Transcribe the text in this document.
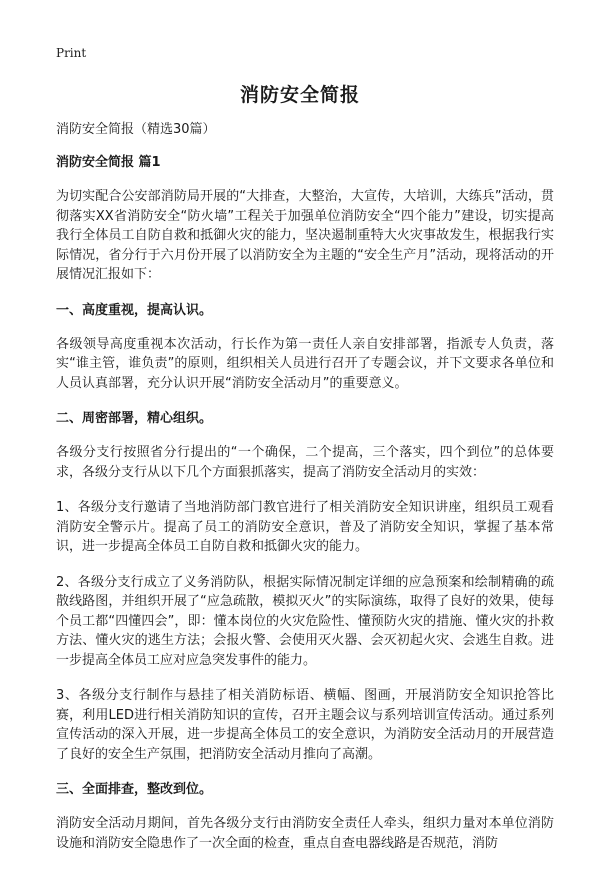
Print
消防安全简报
消防安全简报（精选30篇）
消防安全简报 篇1
为切实配合公安部消防局开展的“大排查，大整治，大宣传，大培训，大练兵”活动，贯彻落实XX省消防安全“防火墙”工程关于加强单位消防安全“四个能力”建设，切实提高我行全体员工自防自救和抵御火灾的能力，坚决遏制重特大火灾事故发生，根据我行实际情况，省分行于六月份开展了以消防安全为主题的“安全生产月”活动，现将活动的开展情况汇报如下：
一、高度重视，提高认识。
各级领导高度重视本次活动，行长作为第一责任人亲自安排部署，指派专人负责，落实“谁主管，谁负责”的原则，组织相关人员进行召开了专题会议，并下文要求各单位和人员认真部署，充分认识开展“消防安全活动月”的重要意义。
二、周密部署，精心组织。
各级分支行按照省分行提出的“一个确保，二个提高，三个落实，四个到位”的总体要求，各级分支行从以下几个方面狠抓落实，提高了消防安全活动月的实效：
1、各级分支行邀请了当地消防部门教官进行了相关消防安全知识讲座，组织员工观看消防安全警示片。提高了员工的消防安全意识，普及了消防安全知识，掌握了基本常识，进一步提高全体员工自防自救和抵御火灾的能力。
2、各级分支行成立了义务消防队，根据实际情况制定详细的应急预案和绘制精确的疏散线路图，并组织开展了“应急疏散，模拟灭火”的实际演练，取得了良好的效果，使每个员工都“四懂四会”，即：懂本岗位的火灾危险性、懂预防火灾的措施、懂火灾的扑救方法、懂火灾的逃生方法；会报火警、会使用灭火器、会灭初起火灾、会逃生自救。进一步提高全体员工应对应急突发事件的能力。
3、各级分支行制作与悬挂了相关消防标语、横幅、图画，开展消防安全知识抢答比赛，利用LED进行相关消防知识的宣传，召开主题会议与系列培训宣传活动。通过系列宣传活动的深入开展，进一步提高全体员工的安全意识，为消防安全活动月的开展营造了良好的安全生产氛围，把消防安全活动月推向了高潮。
三、全面排查，整改到位。
消防安全活动月期间，首先各级分支行由消防安全责任人牵头，组织力量对本单位消防设施和消防安全隐患作了一次全面的检查，重点自查电器线路是否规范，消防
